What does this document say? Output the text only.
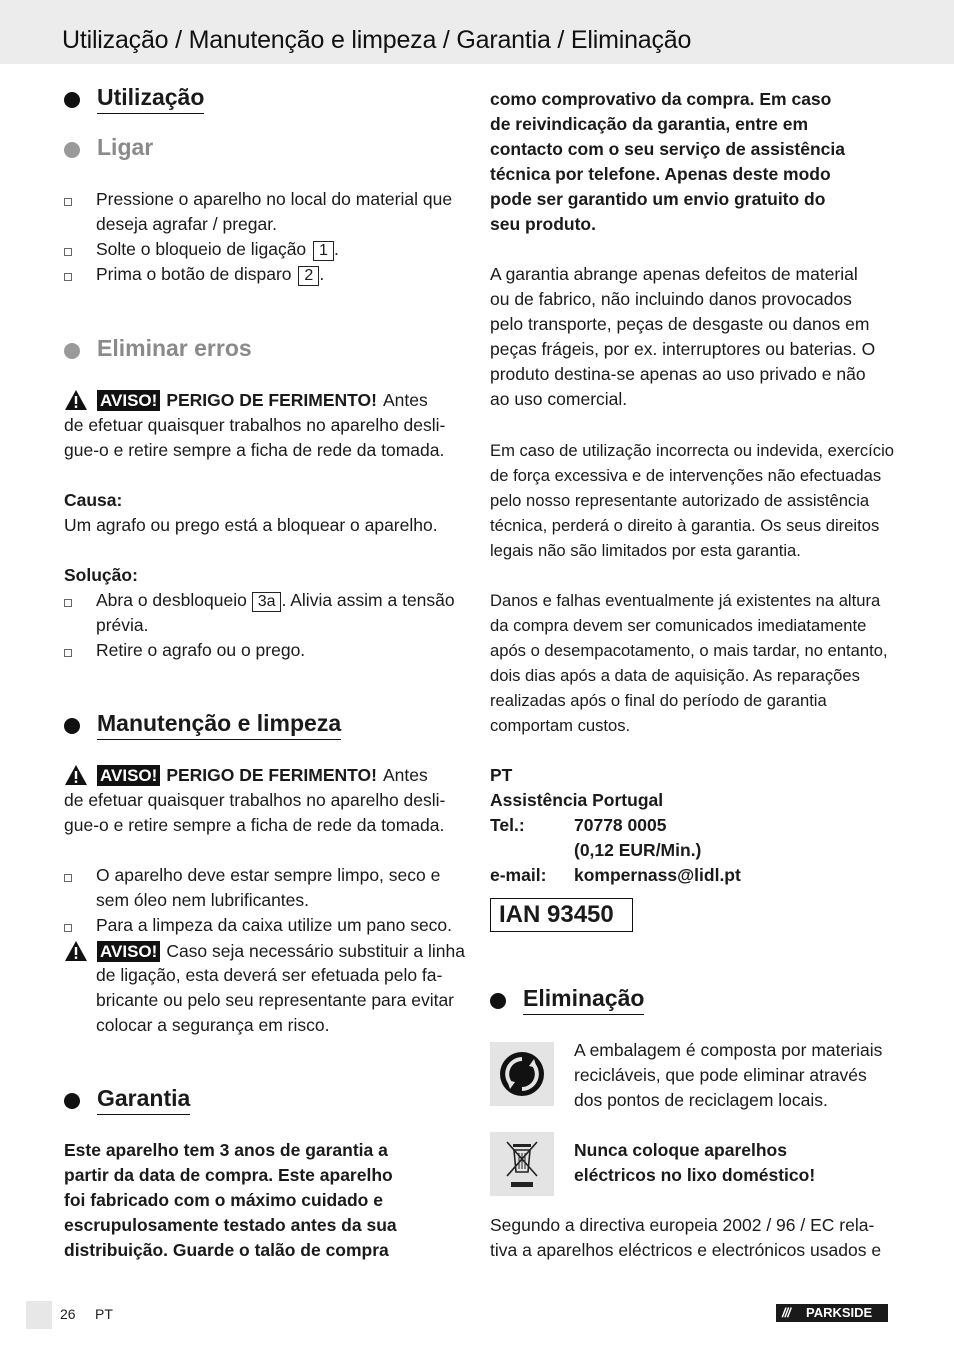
Utilização / Manutenção e limpeza / Garantia / Eliminação
Utilização
Ligar
Pressione o aparelho no local do material que
deseja agrafar / pregar.
Solte o bloqueio de ligação 1 .
Prima o botão de disparo 2 .
Eliminar erros
AVISO! PERIGO DE FERIMENTO! Antes
de efetuar quaisquer trabalhos no aparelho desli-
gue-o e retire sempre a ficha de rede da tomada.
Causa:
Um agrafo ou prego está a bloquear o aparelho.
Solução:
Abra o desbloqueio 3a . Alivia assim a tensão
prévia.
Retire o agrafo ou o prego.
Manutenção e limpeza
AVISO! PERIGO DE FERIMENTO! Antes
de efetuar quaisquer trabalhos no aparelho desli-
gue-o e retire sempre a ficha de rede da tomada.
O aparelho deve estar sempre limpo, seco e
sem óleo nem lubrificantes.
Para a limpeza da caixa utilize um pano seco.
AVISO! Caso seja necessário substituir a linha
de ligação, esta deverá ser efetuada pelo fa-
bricante ou pelo seu representante para evitar
colocar a segurança em risco.
Garantia
Este aparelho tem 3 anos de garantia a
partir da data de compra. Este aparelho
foi fabricado com o máximo cuidado e
escrupulosamente testado antes da sua
distribuição. Guarde o talão de compra
como comprovativo da compra. Em caso
de reivindicação da garantia, entre em
contacto com o seu serviço de assistência
técnica por telefone. Apenas deste modo
pode ser garantido um envio gratuito do
seu produto.
A garantia abrange apenas defeitos de material
ou de fabrico, não incluindo danos provocados
pelo transporte, peças de desgaste ou danos em
peças frágeis, por ex. interruptores ou baterias. O
produto destina-se apenas ao uso privado e não
ao uso comercial.
Em caso de utilização incorrecta ou indevida, exercício
de força excessiva e de intervenções não efectuadas
pelo nosso representante autorizado de assistência
técnica, perderá o direito à garantia. Os seus direitos
legais não são limitados por esta garantia.
Danos e falhas eventualmente já existentes na altura
da compra devem ser comunicados imediatamente
após o desempacotamento, o mais tardar, no entanto,
dois dias após a data de aquisição. As reparações
realizadas após o final do período de garantia
comportam custos.
PT
Assistência Portugal
Tel.:	70778 0005
(0,12 EUR/Min.)
e-mail: kompernass@lidl.pt
IAN 93450
Eliminação
A embalagem é composta por materiais
recicláveis, que pode eliminar através
dos pontos de reciclagem locais.
Nunca coloque aparelhos
eléctricos no lixo doméstico!
Segundo a directiva europeia 2002 / 96 / EC rela-
tiva a aparelhos eléctricos e electrónicos usados e
26 PT	/// PARKSIDE
